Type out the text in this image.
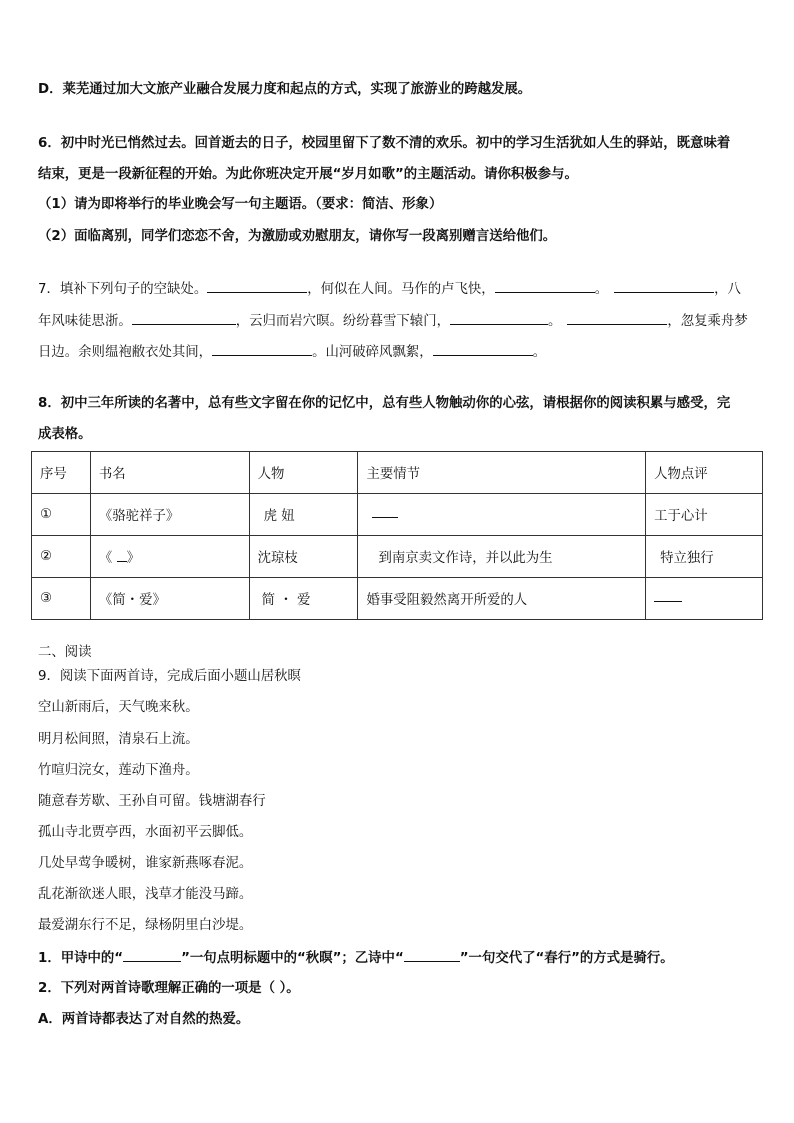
D．莱芜通过加大文旅产业融合发展力度和起点的方式，实现了旅游业的跨越发展。
6．初中时光已悄然过去。回首逝去的日子，校园里留下了数不清的欢乐。初中的学习生活犹如人生的驿站，既意味着
结束，更是一段新征程的开始。为此你班决定开展“岁月如歌”的主题活动。请你积极参与。
（1）请为即将举行的毕业晚会写一句主题语。（要求：简洁、形象）
（2）面临离别，同学们恋恋不舍，为激励或劝慰朋友，请你写一段离别赠言送给他们。
7．填补下列句子的空缺处。	，何似在人间。马作的卢飞快，	。	，八
年风味徒思浙。	，云归而岩穴暝。纷纷暮雪下辕门，	。	，忽复乘舟梦
日边。余则缊袍敝衣处其间，	。山河破碎风飘絮，	。
8．初中三年所读的名著中，总有些文字留在你的记忆中，总有些人物触动你的心弦，请根据你的阅读积累与感受，完
成表格。
序号	书名	人物	主要情节	人物点评
①	《骆驼祥子》	虎 妞		工于心计
②	《 》	沈琼枝	到南京卖文作诗，并以此为生	特立独行
③	《简・爱》	简 ・ 爱	婚事受阻毅然离开所爱的人	
二、阅读
9．阅读下面两首诗，完成后面小题山居秋暝
空山新雨后，天气晚来秋。
明月松间照，清泉石上流。
竹喧归浣女，莲动下渔舟。
随意春芳歇、王孙自可留。钱塘湖春行
孤山寺北贾亭西，水面初平云脚低。
几处早莺争暖树，谁家新燕啄春泥。
乱花渐欲迷人眼，浅草才能没马蹄。
最爱湖东行不足，绿杨阴里白沙堤。
1．甲诗中的“	”一句点明标题中的“秋暝”；乙诗中“	”一句交代了“春行”的方式是骑行。
2．下列对两首诗歌理解正确的一项是（ ）。
A．两首诗都表达了对自然的热爱。
